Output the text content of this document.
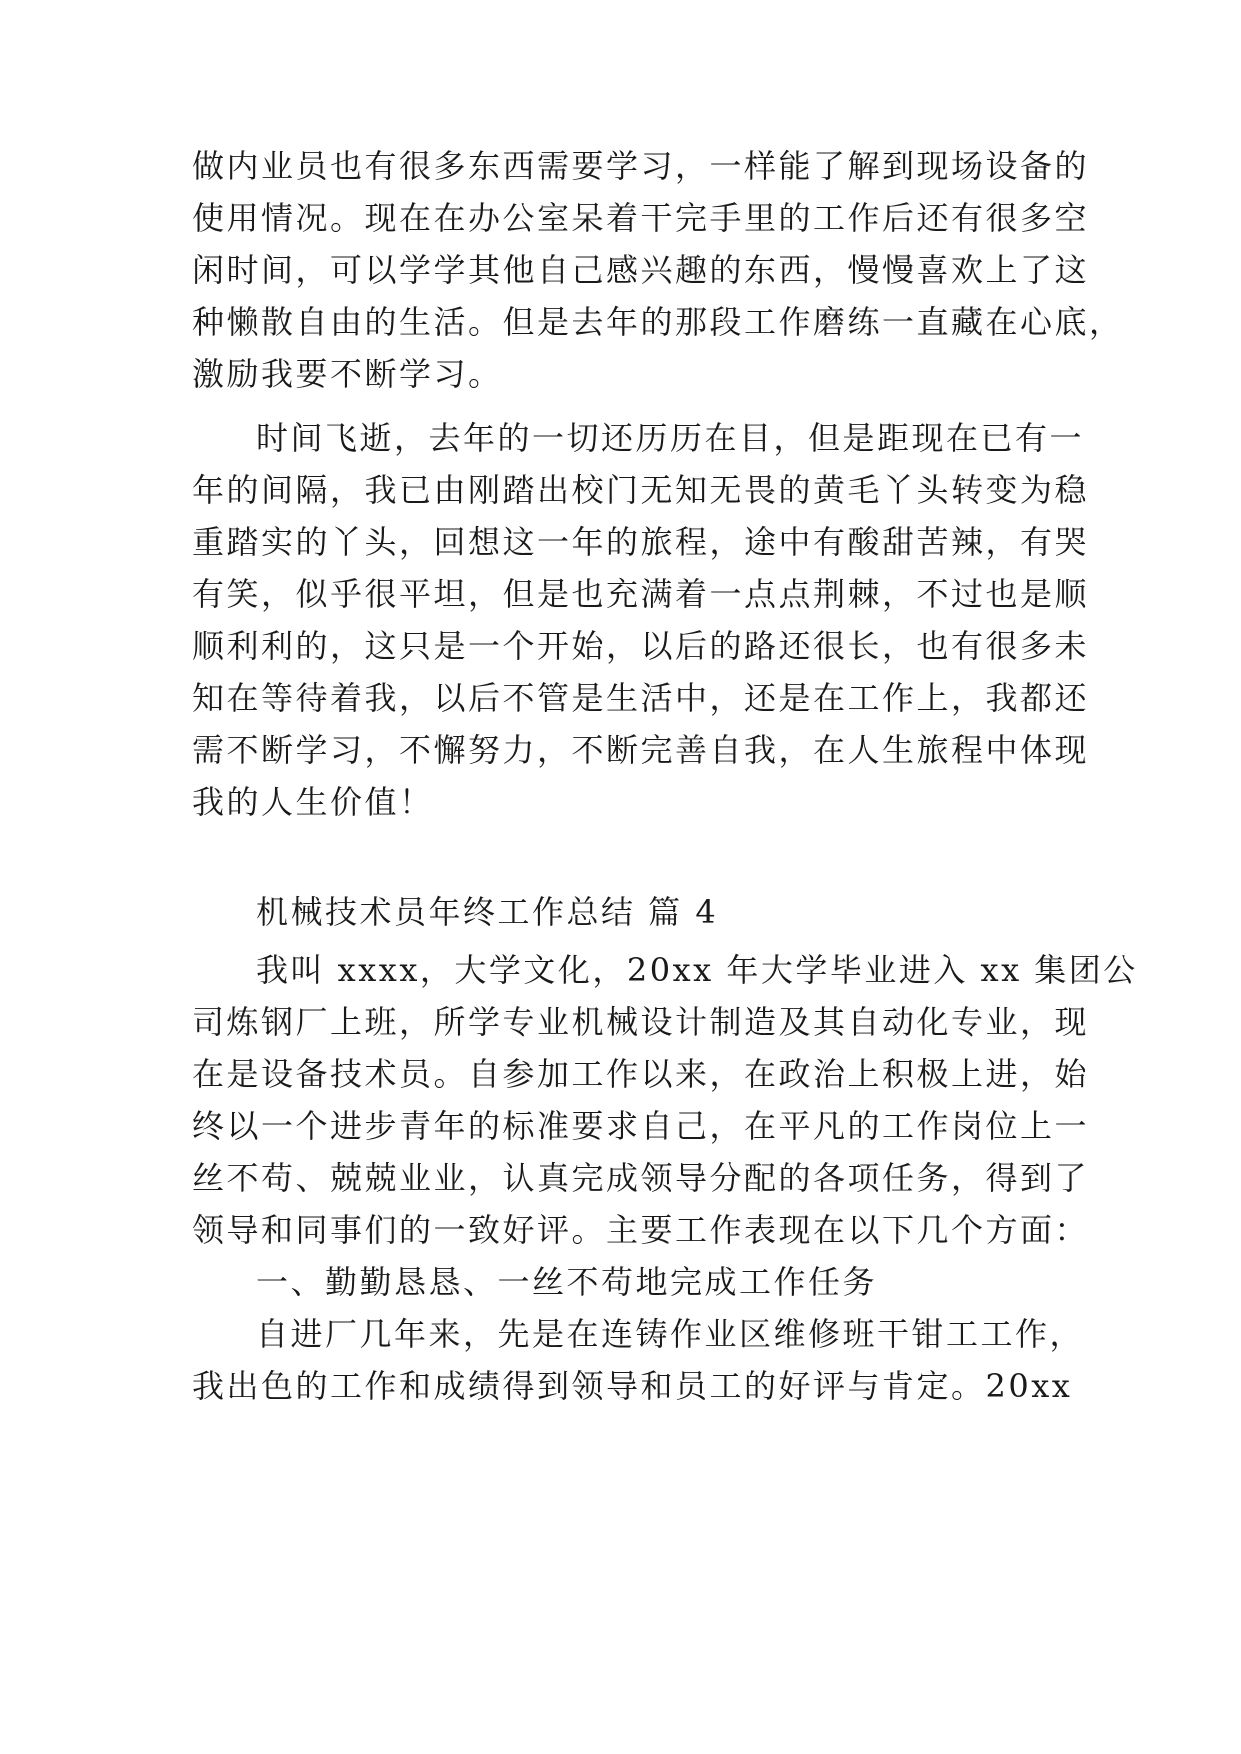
做内业员也有很多东西需要学习，一样能了解到现场设备的
使用情况。现在在办公室呆着干完手里的工作后还有很多空
闲时间，可以学学其他自己感兴趣的东西，慢慢喜欢上了这
种懒散自由的生活。但是去年的那段工作磨练一直藏在心底，
激励我要不断学习。
时间飞逝，去年的一切还历历在目，但是距现在已有一
年的间隔，我已由刚踏出校门无知无畏的黄毛丫头转变为稳
重踏实的丫头，回想这一年的旅程，途中有酸甜苦辣，有哭
有笑，似乎很平坦，但是也充满着一点点荆棘，不过也是顺
顺利利的，这只是一个开始，以后的路还很长，也有很多未
知在等待着我，以后不管是生活中，还是在工作上，我都还
需不断学习，不懈努力，不断完善自我，在人生旅程中体现
我的人生价值！
机械技术员年终工作总结 篇 4
我叫 xxxx，大学文化，20xx 年大学毕业进入 xx 集团公
司炼钢厂上班，所学专业机械设计制造及其自动化专业，现
在是设备技术员。自参加工作以来，在政治上积极上进，始
终以一个进步青年的标准要求自己，在平凡的工作岗位上一
丝不苟、兢兢业业，认真完成领导分配的各项任务，得到了
领导和同事们的一致好评。主要工作表现在以下几个方面：
一、勤勤恳恳、一丝不苟地完成工作任务
自进厂几年来，先是在连铸作业区维修班干钳工工作，
我出色的工作和成绩得到领导和员工的好评与肯定。20xx
